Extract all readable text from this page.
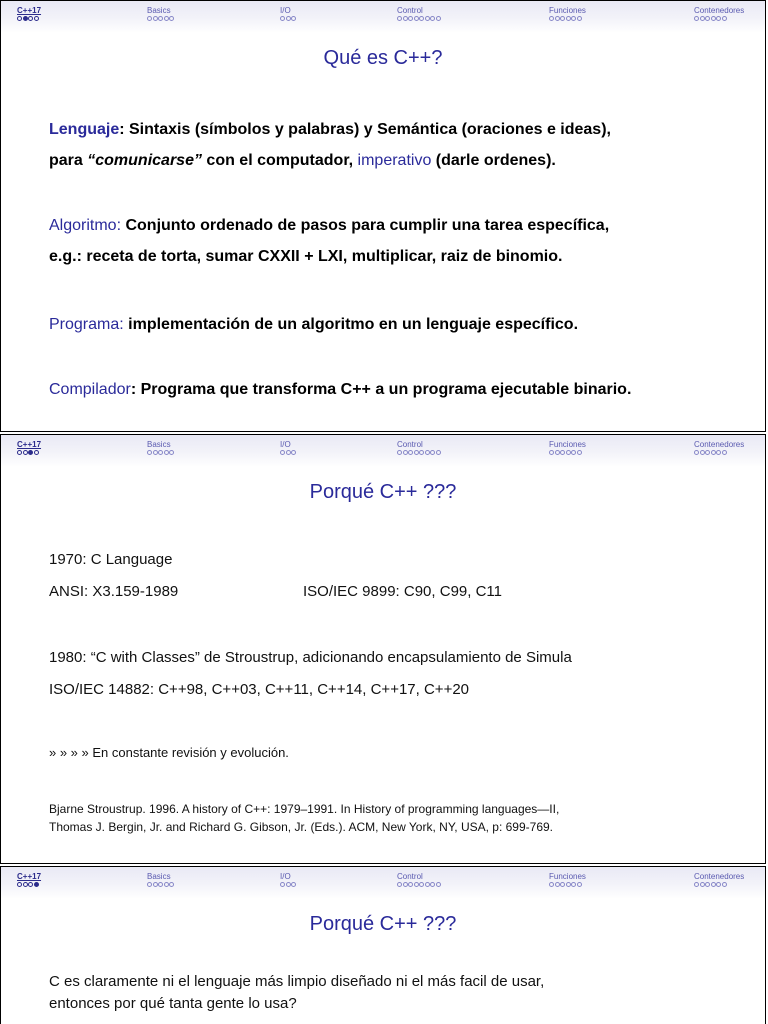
C++17	Basics	I/O	Control	Funciones	Contenedores
Qué es C++?
Lenguaje: Sintaxis (símbolos y palabras) y Semántica (oraciones e ideas),
para “comunicarse” con el computador, imperativo (darle ordenes).
Algoritmo: Conjunto ordenado de pasos para cumplir una tarea específica,
e.g.: receta de torta, sumar CXXII + LXI, multiplicar, raiz de binomio.
Programa: implementación de un algoritmo en un lenguaje específico.
Compilador: Programa que transforma C++ a un programa ejecutable binario.
C++17	Basics	I/O	Control	Funciones	Contenedores
Porqué C++ ???
1970: C Language
ANSI: X3.159-1989	ISO/IEC 9899: C90, C99, C11
1980: “C with Classes” de Stroustrup, adicionando encapsulamiento de Simula
ISO/IEC 14882: C++98, C++03, C++11, C++14, C++17, C++20
» » » » En constante revisión y evolución.
Bjarne Stroustrup. 1996. A history of C++: 1979–1991. In History of programming languages—II,
Thomas J. Bergin, Jr. and Richard G. Gibson, Jr. (Eds.). ACM, New York, NY, USA, p: 699-769.
C++17	Basics	I/O	Control	Funciones	Contenedores
Porqué C++ ???
C es claramente ni el lenguaje más limpio diseñado ni el más facil de usar,
entonces por qué tanta gente lo usa?
